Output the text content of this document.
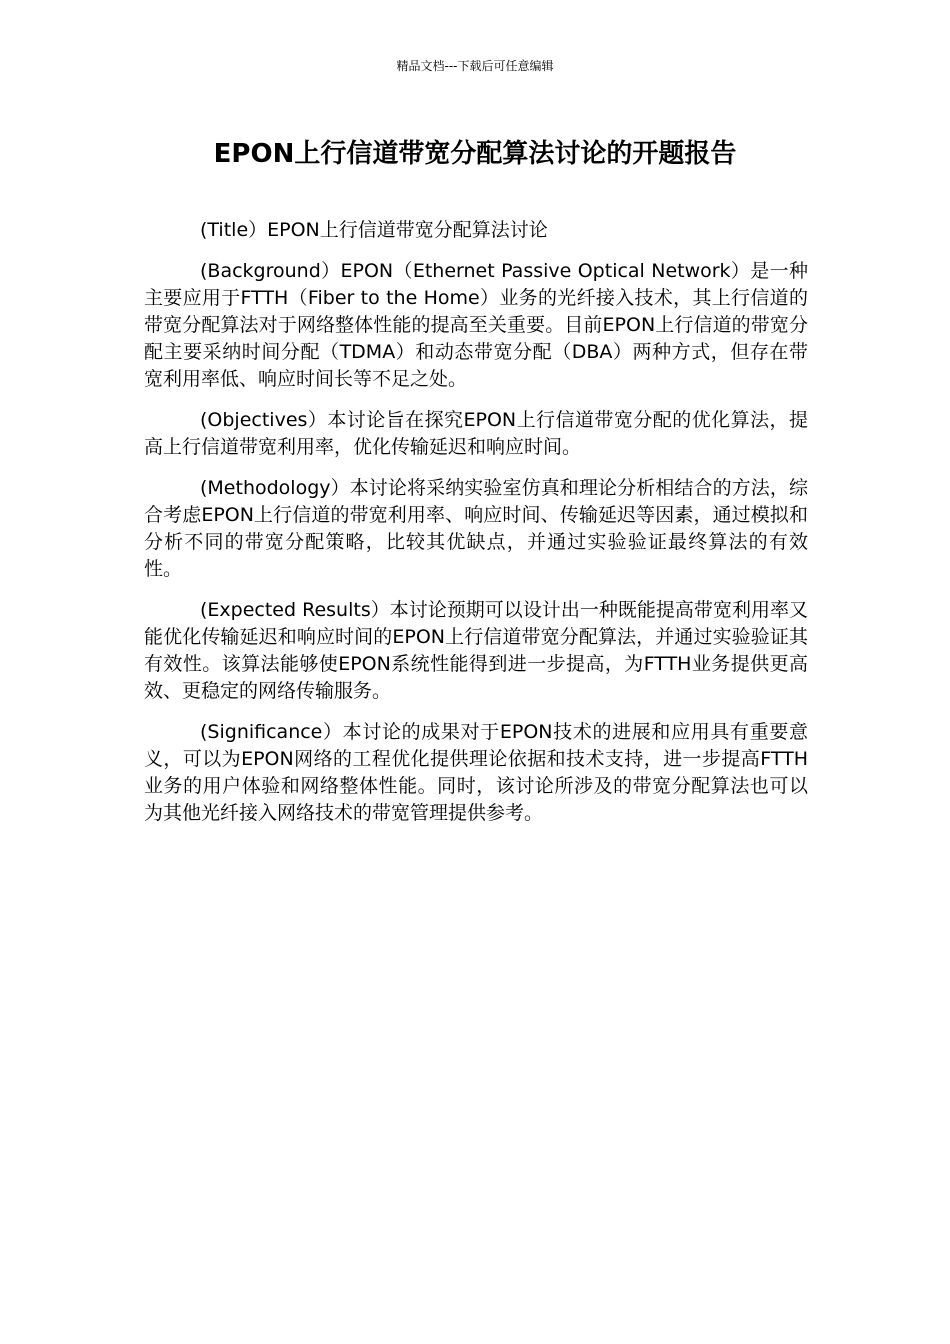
精品文档---下载后可任意编辑
EPON上行信道带宽分配算法讨论的开题报告

(Title）EPON上行信道带宽分配算法讨论

(Background）EPON（Ethernet Passive Optical Network）是一种主要应用于FTTH（Fiber to the Home）业务的光纤接入技术，其上行信道的带宽分配算法对于网络整体性能的提高至关重要。目前EPON上行信道的带宽分配主要采纳时间分配（TDMA）和动态带宽分配（DBA）两种方式，但存在带宽利用率低、响应时间长等不足之处。

(Objectives）本讨论旨在探究EPON上行信道带宽分配的优化算法，提高上行信道带宽利用率，优化传输延迟和响应时间。

(Methodology）本讨论将采纳实验室仿真和理论分析相结合的方法，综合考虑EPON上行信道的带宽利用率、响应时间、传输延迟等因素，通过模拟和分析不同的带宽分配策略，比较其优缺点，并通过实验验证最终算法的有效性。

(Expected Results）本讨论预期可以设计出一种既能提高带宽利用率又能优化传输延迟和响应时间的EPON上行信道带宽分配算法，并通过实验验证其有效性。该算法能够使EPON系统性能得到进一步提高，为FTTH业务提供更高效、更稳定的网络传输服务。

(Significance）本讨论的成果对于EPON技术的进展和应用具有重要意义，可以为EPON网络的工程优化提供理论依据和技术支持，进一步提高FTTH业务的用户体验和网络整体性能。同时，该讨论所涉及的带宽分配算法也可以为其他光纤接入网络技术的带宽管理提供参考。
